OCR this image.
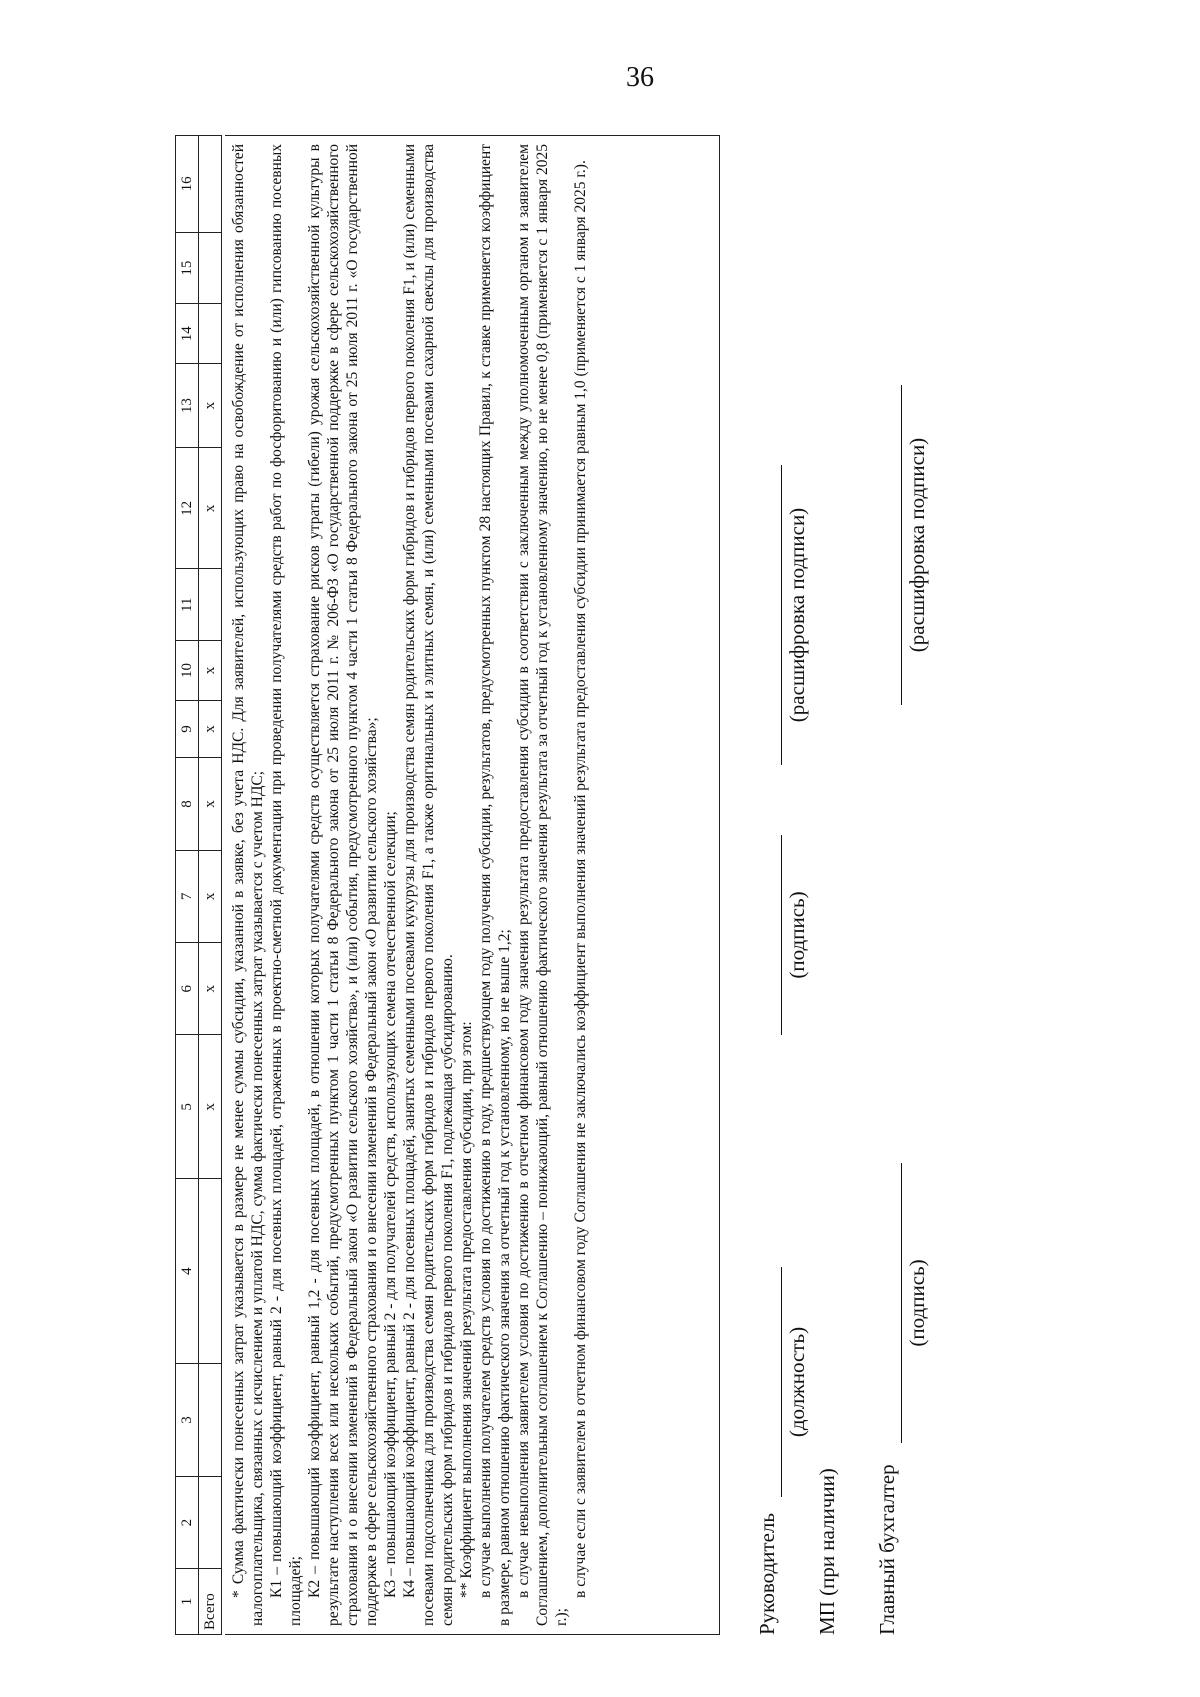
36
1	2	3	4	5	6	7	8	9	10	11	12	13	14	15	16
Всего				х	х	х	х	х	х		х	х			* Сумма фактически понесенных затрат указывается в размере не менее суммы субсидии, указанной в заявке, без учета НДС. Для заявителей, использующих право на освобождение от исполнения обязанностей налогоплательщика, связанных с исчислением и уплатой НДС, сумма фактически понесенных затрат указывается с учетом НДС; К1 – повышающий коэффициент, равный 2 - для посевных площадей, отраженных в проектно-сметной документации при проведении получателями средств работ по фосфоритованию и (или) гипсованию посевных площадей; К2 – повышающий коэффициент, равный 1,2 - для посевных площадей, в отношении которых получателями средств осуществляется страхование рисков утраты (гибели) урожая сельскохозяйственной культуры в результате наступления всех или нескольких событий, предусмотренных пунктом 1 части 1 статьи 8 Федерального закона от 25 июля 2011 г. № 206-ФЗ «О государственной поддержке в сфере сельскохозяйственного страхования и о внесении изменений в Федеральный закон «О развитии сельского хозяйства», и (или) события, предусмотренного пунктом 4 части 1 статьи 8 Федерального закона от 25 июля 2011 г. «О государственной поддержке в сфере сельскохозяйственного страхования и о внесении изменений в Федеральный закон «О развитии сельского хозяйства»; К3 – повышающий коэффициент, равный 2 - для получателей средств, использующих семена отечественной селекции; К4 – повышающий коэффициент, равный 2 - для посевных площадей, занятых семенными посевами кукурузы для производства семян родительских форм гибридов и гибридов первого поколения F1, и (или) семенными посевами подсолнечника для производства семян родительских форм гибридов и гибридов первого поколения F1, а также оригинальных и элитных семян, и (или) семенными посевами сахарной свеклы для производства семян родительских форм гибридов и гибридов первого поколения F1, подлежащая субсидированию. ** Коэффициент выполнения значений результата предоставления субсидии, при этом: в случае выполнения получателем средств условия по достижению в году, предшествующем году получения субсидии, результатов, предусмотренных пунктом 28 настоящих Правил, к ставке применяется коэффициент в размере, равном отношению фактического значения за отчетный год к установленному, но не выше 1,2; в случае невыполнения заявителем условия по достижению в отчетном финансовом году значения результата предоставления субсидии в соответствии с заключенным между уполномоченным органом и заявителем Соглашением, дополнительным соглашением к Соглашению – понижающий, равный отношению фактического значения результата за отчетный год к установленному значению, но не менее 0,8 (применяется с 1 января 2025 г.);

в случае если с заявителем в отчетном финансовом году Соглашения не заключались коэффициент выполнения значений результата предоставления субсидии принимается равным 1,0 (применяется с 1 января 2025 г.).	Руководитель
(должность)
(подпись)
(расшифровка подписи)
МП (при наличии) Главный бухгалтер
(подпись)
(расшифровка подписи)
